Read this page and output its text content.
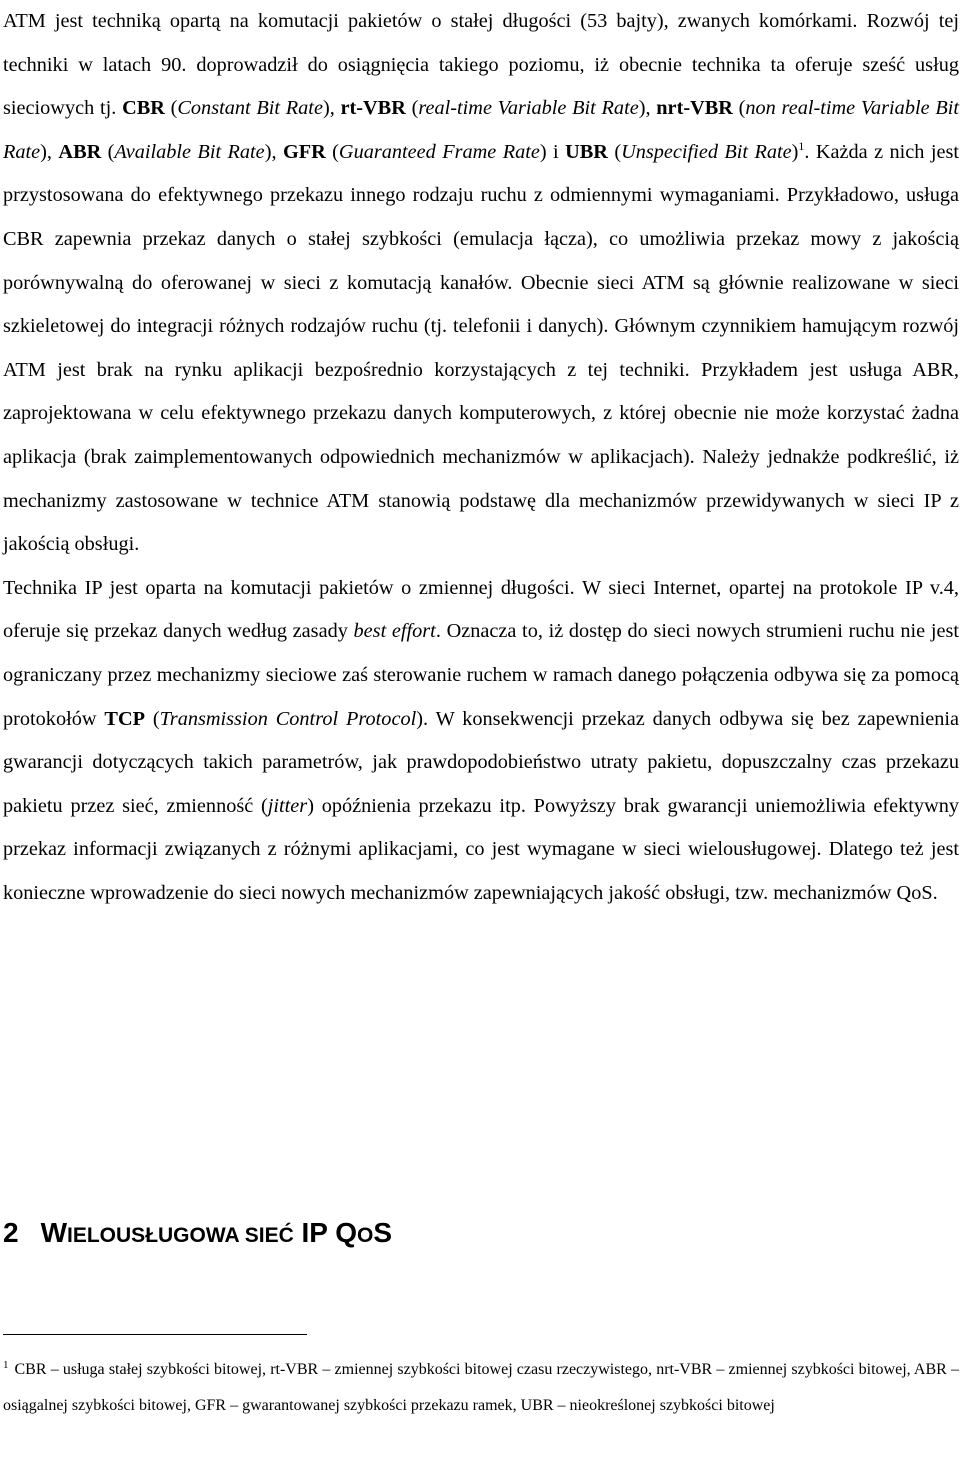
ATM jest techniką opartą na komutacji pakietów o stałej długości (53 bajty), zwanych komórkami. Rozwój tej techniki w latach 90. doprowadził do osiągnięcia takiego poziomu, iż obecnie technika ta oferuje sześć usług sieciowych tj. CBR (Constant Bit Rate), rt-VBR (real-time Variable Bit Rate), nrt-VBR (non real-time Variable Bit Rate), ABR (Available Bit Rate), GFR (Guaranteed Frame Rate) i UBR (Unspecified Bit Rate)$^1$. Każda z nich jest przystosowana do efektywnego przekazu innego rodzaju ruchu z odmiennymi wymaganiami. Przykładowo, usługa CBR zapewnia przekaz danych o stałej szybkości (emulacja łącza), co umożliwia przekaz mowy z jakością porównywalną do oferowanej w sieci z komutacją kanałów. Obecnie sieci ATM są głównie realizowane w sieci szkieletowej do integracji różnych rodzajów ruchu (tj. telefonii i danych). Głównym czynnikiem hamującym rozwój ATM jest brak na rynku aplikacji bezpośrednio korzystających z tej techniki. Przykładem jest usługa ABR, zaprojektowana w celu efektywnego przekazu danych komputerowych, z której obecnie nie może korzystać żadna aplikacja (brak zaimplementowanych odpowiednich mechanizmów w aplikacjach). Należy jednakże podkreślić, iż mechanizmy zastosowane w technice ATM stanowią podstawę dla mechanizmów przewidywanych w sieci IP z jakością obsługi.

Technika IP jest oparta na komutacji pakietów o zmiennej długości. W sieci Internet, opartej na protokole IP v.4, oferuje się przekaz danych według zasady best effort. Oznacza to, iż dostęp do sieci nowych strumieni ruchu nie jest ograniczany przez mechanizmy sieciowe zaś sterowanie ruchem w ramach danego połączenia odbywa się za pomocą protokołów TCP (Transmission Control Protocol). W konsekwencji przekaz danych odbywa się bez zapewnienia gwarancji dotyczących takich parametrów, jak prawdopodobieństwo utraty pakietu, dopuszczalny czas przekazu pakietu przez sieć, zmienność (jitter) opóźnienia przekazu itp. Powyższy brak gwarancji uniemożliwia efektywny przekaz informacji związanych z różnymi aplikacjami, co jest wymagane w sieci wielousługowej. Dlatego też jest konieczne wprowadzenie do sieci nowych mechanizmów zapewniających jakość obsługi, tzw. mechanizmów QoS.

2 WIELOUSŁUGOWA SIEĆ IP QOS

$^1$ CBR – usługa stałej szybkości bitowej, rt-VBR – zmiennej szybkości bitowej czasu rzeczywistego, nrt-VBR – zmiennej szybkości bitowej, ABR –osiągalnej szybkości bitowej, GFR – gwarantowanej szybkości przekazu ramek, UBR – nieokreślonej szybkości bitowej
